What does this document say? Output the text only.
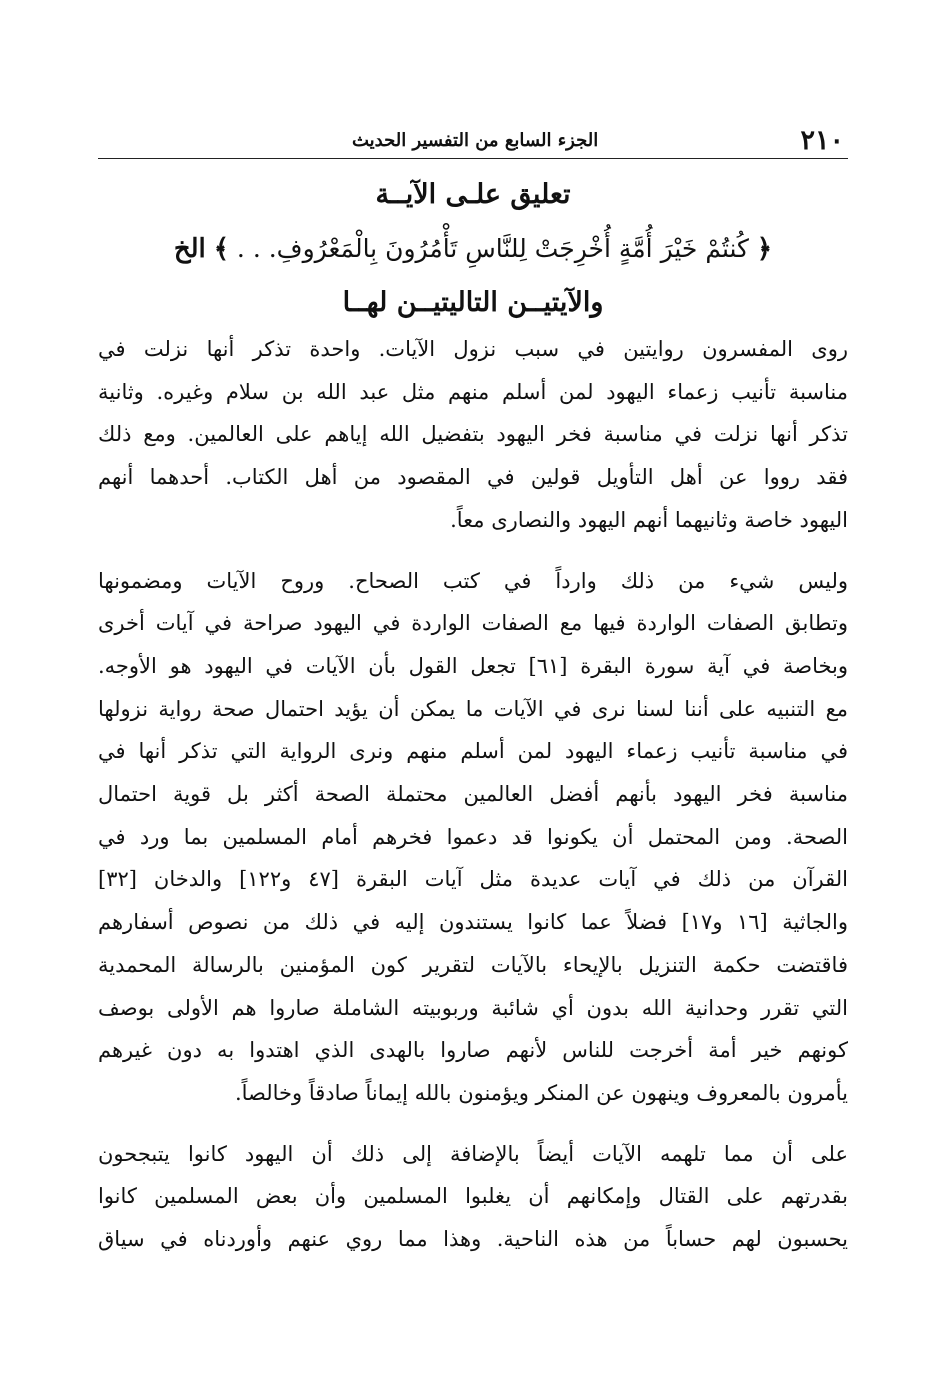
٢١٠
الجزء السابع من التفسير الحديث
تعليق علـى الآيــة
﴿ كُنتُمْ خَيْرَ أُمَّةٍ أُخْرِجَتْ لِلنَّاسِ تَأْمُرُونَ بِالْمَعْرُوفِ. . . ﴾ الخ
والآيتيــن التاليتيــن لهــا

روى المفسرون روايتين في سبب نزول الآيات. واحدة تذكر أنها نزلت في
مناسبة تأنيب زعماء اليهود لمن أسلم منهم مثل عبد الله بن سلام وغيره. وثانية
تذكر أنها نزلت في مناسبة فخر اليهود بتفضيل الله إياهم على العالمين. ومع ذلك
فقد رووا عن أهل التأويل قولين في المقصود من أهل الكتاب. أحدهما أنهم
اليهود خاصة وثانيهما أنهم اليهود والنصارى معاً.

وليس شيء من ذلك وارداً في كتب الصحاح. وروح الآيات ومضمونها
وتطابق الصفات الواردة فيها مع الصفات الواردة في اليهود صراحة في آيات أخرى
وبخاصة في آية سورة البقرة [٦١] تجعل القول بأن الآيات في اليهود هو الأوجه.
مع التنبيه على أننا لسنا نرى في الآيات ما يمكن أن يؤيد احتمال صحة رواية نزولها
في مناسبة تأنيب زعماء اليهود لمن أسلم منهم ونرى الرواية التي تذكر أنها في
مناسبة فخر اليهود بأنهم أفضل العالمين محتملة الصحة أكثر بل قوية احتمال
الصحة. ومن المحتمل أن يكونوا قد دعموا فخرهم أمام المسلمين بما ورد في
القرآن من ذلك في آيات عديدة مثل آيات البقرة [٤٧ و١٢٢] والدخان [٣٢]
والجاثية [١٦ و١٧] فضلاً عما كانوا يستندون إليه في ذلك من نصوص أسفارهم
فاقتضت حكمة التنزيل بالإيحاء بالآيات لتقرير كون المؤمنين بالرسالة المحمدية
التي تقرر وحدانية الله بدون أي شائبة وربوبيته الشاملة صاروا هم الأولى بوصف
كونهم خير أمة أخرجت للناس لأنهم صاروا بالهدى الذي اهتدوا به دون غيرهم
يأمرون بالمعروف وينهون عن المنكر ويؤمنون بالله إيماناً صادقاً وخالصاً.

على أن مما تلهمه الآيات أيضاً بالإضافة إلى ذلك أن اليهود كانوا يتبجحون
بقدرتهم على القتال وإمكانهم أن يغلبوا المسلمين وأن بعض المسلمين كانوا
يحسبون لهم حساباً من هذه الناحية. وهذا مما روي عنهم وأوردناه في سياق
